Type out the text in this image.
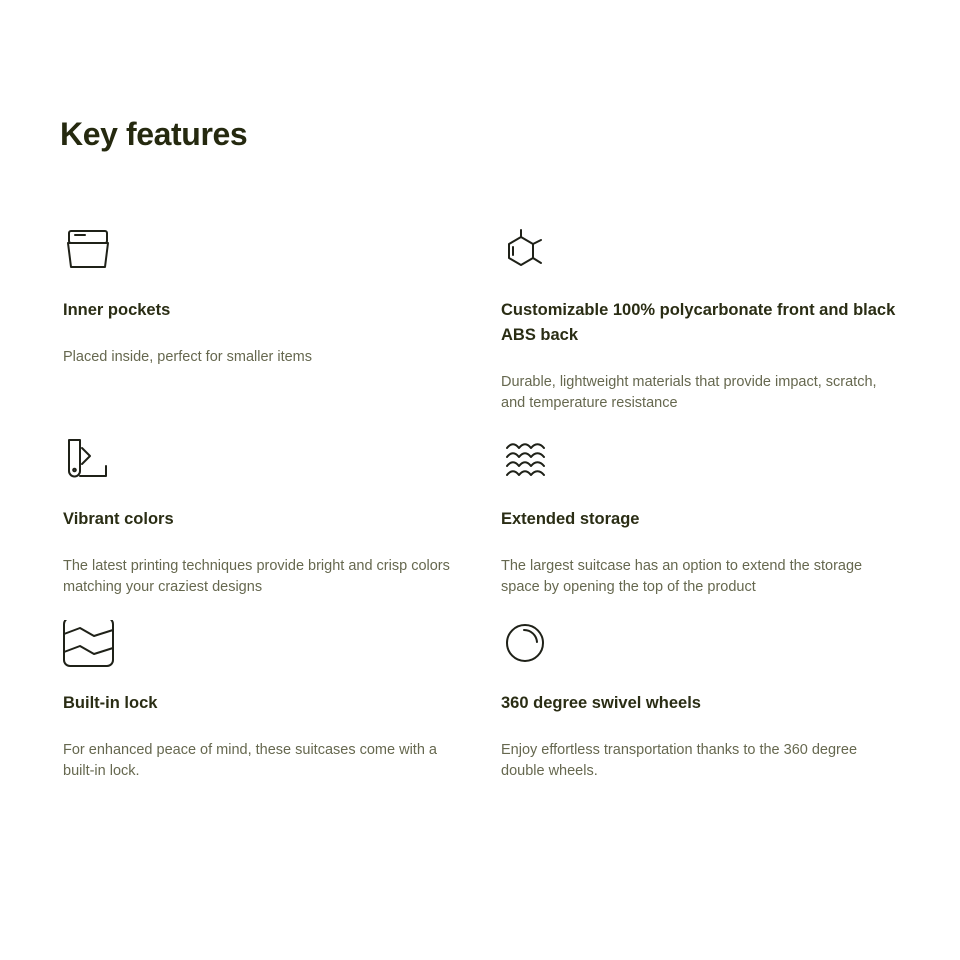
Key features
Inner pockets

Placed inside, perfect for smaller items

Customizable 100% polycarbonate front and black ABS back

Durable, lightweight materials that provide impact, scratch, and temperature resistance

Vibrant colors

The latest printing techniques provide bright and crisp colors matching your craziest designs

Extended storage

The largest suitcase has an option to extend the storage space by opening the top of the product

Built-in lock

For enhanced peace of mind, these suitcases come with a built-in lock.

360 degree swivel wheels

Enjoy effortless transportation thanks to the 360 degree double wheels.
